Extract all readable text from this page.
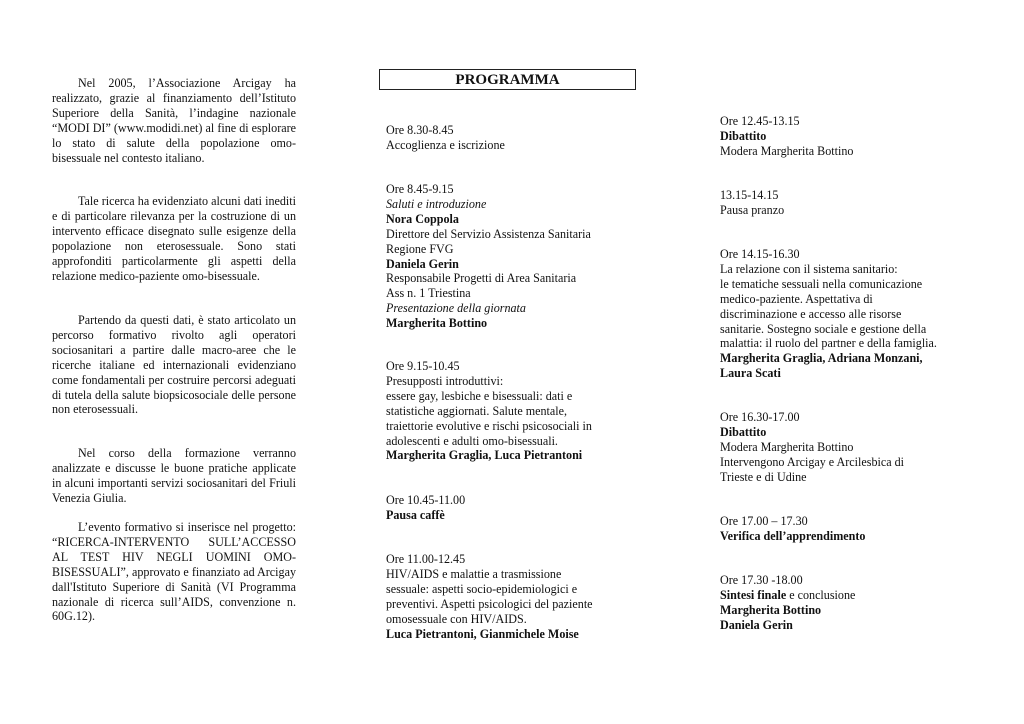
Nel 2005, l’Associazione Arcigay ha realizzato, grazie al finanziamento dell’Istituto Superiore della Sanità, l’indagine nazionale “MODI DI” (www.modidi.net) al fine di esplorare lo stato di salute della popolazione omo-bisessuale nel contesto italiano.

Tale ricerca ha evidenziato alcuni dati inediti e di particolare rilevanza per la costruzione di un intervento efficace disegnato sulle esigenze della popolazione non eterosessuale. Sono stati approfonditi particolarmente gli aspetti della relazione medico-paziente omo-bisessuale.

Partendo da questi dati, è stato articolato un percorso formativo rivolto agli operatori sociosanitari a partire dalle macro-aree che le ricerche italiane ed internazionali evidenziano come fondamentali per costruire percorsi adeguati di tutela della salute biopsicosociale delle persone non eterosessuali.

Nel corso della formazione verranno analizzate e discusse le buone pratiche applicate in alcuni importanti servizi sociosanitari del Friuli Venezia Giulia.

L’evento formativo si inserisce nel progetto: “RICERCA-INTERVENTO SULL’ACCESSO AL TEST HIV NEGLI UOMINI OMO-BISESSUALI”, approvato e finanziato ad Arcigay dall'Istituto Superiore di Sanità (VI Programma nazionale di ricerca sull’AIDS, convenzione n. 60G.12).

PROGRAMMA
Ore 8.30-8.45
Accoglienza e iscrizione
Ore 8.45-9.15
Saluti e introduzione
Nora Coppola
Direttore del Servizio Assistenza Sanitaria
Regione FVG
Daniela Gerin
Responsabile Progetti di Area Sanitaria
Ass n. 1 Triestina
Presentazione della giornata
Margherita Bottino
Ore 9.15-10.45
Presupposti introduttivi:
essere gay, lesbiche e bisessuali: dati e
statistiche aggiornati. Salute mentale,
traiettorie evolutive e rischi psicosociali in
adolescenti e adulti omo-bisessuali.
Margherita Graglia, Luca Pietrantoni
Ore 10.45-11.00
Pausa caffè
Ore 11.00-12.45
HIV/AIDS e malattie a trasmissione
sessuale: aspetti socio-epidemiologici e
preventivi. Aspetti psicologici del paziente
omosessuale con HIV/AIDS.
Luca Pietrantoni, Gianmichele Moise
Ore 12.45-13.15
Dibattito
Modera Margherita Bottino
13.15-14.15
Pausa pranzo
Ore 14.15-16.30
La relazione con il sistema sanitario:
le tematiche sessuali nella comunicazione
medico-paziente. Aspettativa di
discriminazione e accesso alle risorse
sanitarie. Sostegno sociale e gestione della
malattia: il ruolo del partner e della famiglia.
Margherita Graglia, Adriana Monzani,
Laura Scati
Ore 16.30-17.00
Dibattito
Modera Margherita Bottino
Intervengono Arcigay e Arcilesbica di
Trieste e di Udine
Ore 17.00 – 17.30
Verifica dell’apprendimento
Ore 17.30 -18.00
Sintesi finale e conclusione
Margherita Bottino
Daniela Gerin
